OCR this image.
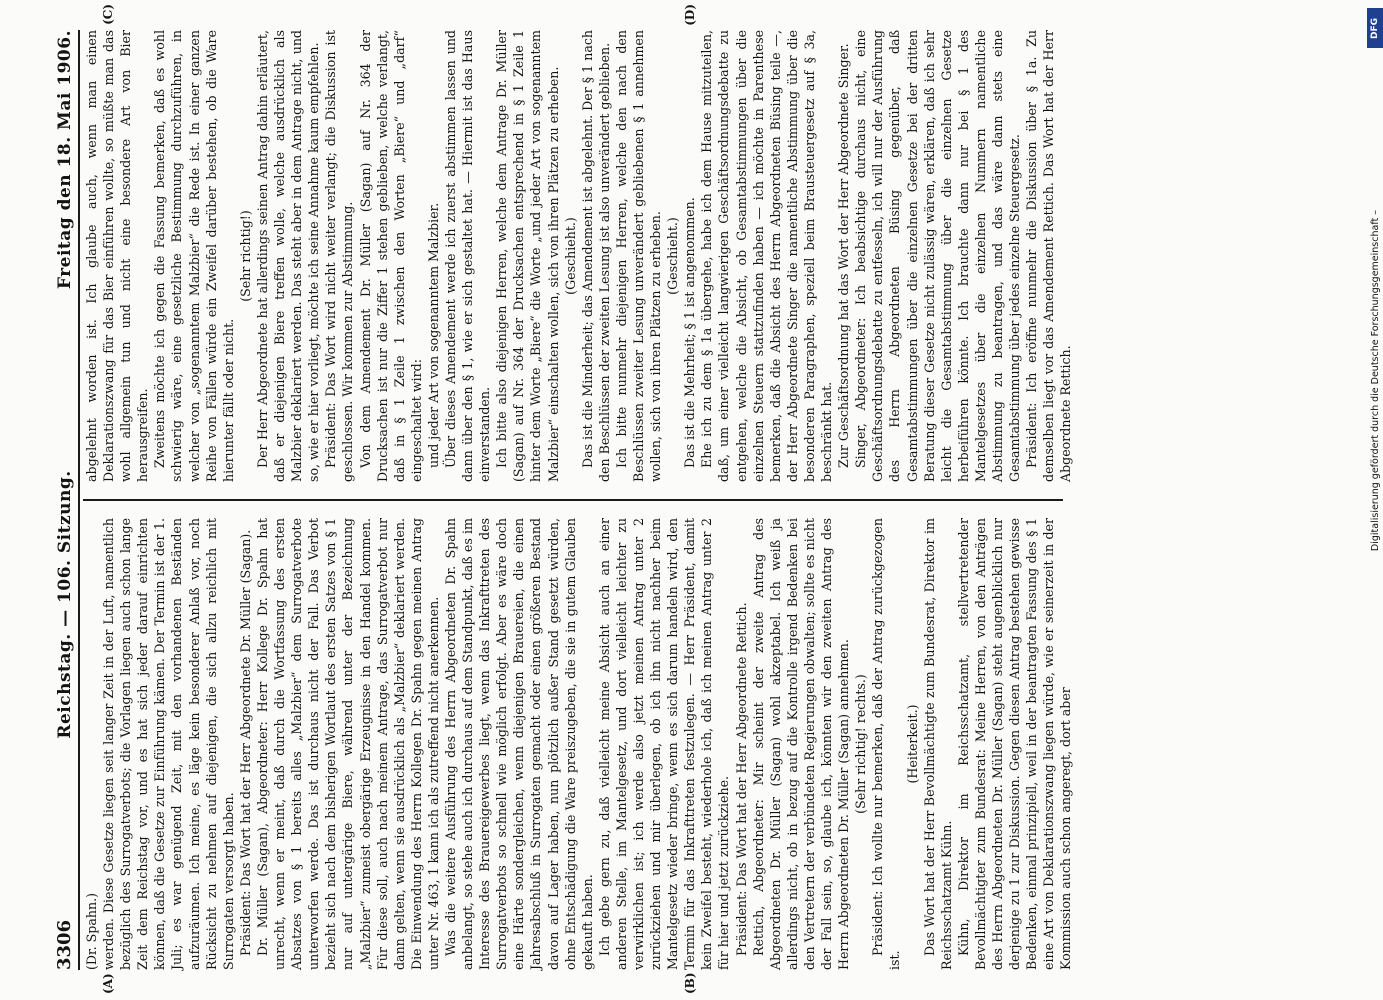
3306
Reichstag. — 106. Sitzung.
Freitag den 18. Mai 1906.

(Dr. Spahn.) werden. Diese Gesetze liegen seit langer Zeit in der Luft, namentlich bezüglich des Surrogatverbots; die Vorlagen liegen auch schon lange Zeit dem Reichstag vor, und es hat sich jeder darauf einrichten können, daß die Gesetze zur Einführung kämen. Der Termin ist der 1. Juli; es war genügend Zeit, mit den vorhandenen Beständen aufzuräumen. Ich meine, es läge kein besonderer Anlaß vor, noch Rücksicht zu nehmen auf diejenigen, die sich allzu reichlich mit Surrogaten versorgt haben. Präsident: Das Wort hat der Herr Abgeordnete Dr. Müller (Sagan). Dr. Müller (Sagan), Abgeordneter: Herr Kollege Dr. Spahn hat unrecht, wenn er meint, daß durch die Wortfassung des ersten Absatzes von § 1 bereits alles „Malzbier“ dem Surrogatverbote unterworfen werde. Das ist durchaus nicht der Fall. Das Verbot bezieht sich nach dem bisherigen Wortlaut des ersten Satzes von § 1 nur auf untergärige Biere, während unter der Bezeichnung „Malzbier“ zumeist obergärige Erzeugnisse in den Handel kommen. Für diese soll, auch nach meinem Antrage, das Surrogatverbot nur dann gelten, wenn sie ausdrücklich als „Malzbier“ deklariert werden. Die Einwendung des Herrn Kollegen Dr. Spahn gegen meinen Antrag unter Nr. 463, 1 kann ich als zutreffend nicht anerkennen. Was die weitere Ausführung des Herrn Abgeordneten Dr. Spahn anbelangt, so stehe auch ich durchaus auf dem Standpunkt, daß es im Interesse des Brauereigewerbes liegt, wenn das Inkrafttreten des Surrogatverbots so schnell wie möglich erfolgt. Aber es wäre doch eine Härte sondergleichen, wenn diejenigen Brauereien, die einen Jahresabschluß in Surrogaten gemacht oder einen größeren Bestand davon auf Lager haben, nun plötzlich außer Stand gesetzt würden, ohne Entschädigung die Ware preiszugeben, die sie in gutem Glauben gekauft haben. Ich gebe gern zu, daß vielleicht meine Absicht auch an einer anderen Stelle, im Mantelgesetz, und dort vielleicht leichter zu verwirklichen ist; ich werde also jetzt meinen Antrag unter 2 zurückziehen und mir überlegen, ob ich ihn nicht nachher beim Mantelgesetz wieder bringe, wenn es sich darum handeln wird, den Termin für das Inkrafttreten festzulegen. — Herr Präsident, damit kein Zweifel besteht, wiederhole ich, daß ich meinen Antrag unter 2 für hier und jetzt zurückziehe. Präsident: Das Wort hat der Herr Abgeordnete Rettich. Rettich, Abgeordneter: Mir scheint der zweite Antrag des Abgeordneten Dr. Müller (Sagan) wohl akzeptabel. Ich weiß ja allerdings nicht, ob in bezug auf die Kontrolle irgend Bedenken bei den Vertretern der verbündeten Regierungen obwalten; sollte es nicht der Fall sein, so, glaube ich, könnten wir den zweiten Antrag des Herrn Abgeordneten Dr. Müller (Sagan) annehmen. (Sehr richtig! rechts.) Präsident: Ich wollte nur bemerken, daß der Antrag zurückgezogen ist.

(Heiterkeit.) Das Wort hat der Herr Bevollmächtigte zum Bundesrat, Direktor im Reichsschatzamt Kühn. Kühn, Direktor im Reichsschatzamt, stellvertretender Bevollmächtigter zum Bundesrat: Meine Herren, von den Anträgen des Herrn Abgeordneten Dr. Müller (Sagan) steht augenblicklich nur derjenige zu 1 zur Diskussion. Gegen diesen Antrag bestehen gewisse Bedenken, einmal prinzipiell, weil in der beantragten Fassung des § 1 eine Art von Deklarationszwang liegen würde, wie er seinerzeit in der Kommission auch schon angeregt, dort aber

abgelehnt worden ist. Ich glaube auch, wenn man einen Deklarationszwang für das Bier einführen wollte, so müßte man das wohl allgemein tun und nicht eine besondere Art von Bier herausgreifen. Zweitens möchte ich gegen die Fassung bemerken, daß es wohl schwierig wäre, eine gesetzliche Bestimmung durchzuführen, in welcher von „sogenanntem Malzbier“ die Rede ist. In einer ganzen Reihe von Fällen würde ein Zweifel darüber bestehen, ob die Ware hierunter fällt oder nicht.

(Sehr richtig!) Der Herr Abgeordnete hat allerdings seinen Antrag dahin erläutert, daß er diejenigen Biere treffen wolle, welche ausdrücklich als Malzbier deklariert werden. Das steht aber in dem Antrage nicht, und so, wie er hier vorliegt, möchte ich seine Annahme kaum empfehlen. Präsident: Das Wort wird nicht weiter verlangt; die Diskussion ist geschlossen. Wir kommen zur Abstimmung. Von dem Amendement Dr. Müller (Sagan) auf Nr. 364 der Drucksachen ist nur die Ziffer 1 stehen geblieben, welche verlangt, daß in § 1 Zeile 1 zwischen den Worten „Biere“ und „darf“ eingeschaltet wird: und jeder Art von sogenanntem Malzbier. Über dieses Amendement werde ich zuerst abstimmen lassen und dann über den § 1, wie er sich gestaltet hat. — Hiermit ist das Haus einverstanden. Ich bitte also diejenigen Herren, welche dem Antrage Dr. Müller (Sagan) auf Nr. 364 der Drucksachen entsprechend in § 1 Zeile 1 hinter dem Worte „Biere“ die Worte „und jeder Art von sogenanntem Malzbier“ einschalten wollen, sich von ihren Plätzen zu erheben. (Geschieht.) Das ist die Minderheit; das Amendement ist abgelehnt. Der § 1 nach den Beschlüssen der zweiten Lesung ist also unverändert geblieben. Ich bitte nunmehr diejenigen Herren, welche den nach den Beschlüssen zweiter Lesung unverändert gebliebenen § 1 annehmen wollen, sich von ihren Plätzen zu erheben. (Geschieht.) Das ist die Mehrheit; § 1 ist angenommen. Ehe ich zu dem § 1a übergehe, habe ich dem Hause mitzuteilen, daß, um einer vielleicht langwierigen Geschäftsordnungsdebatte zu entgehen, welche die Absicht, ob Gesamtabstimmungen über die einzelnen Steuern stattzufinden haben — ich möchte in Parenthese bemerken, daß die Absicht des Herrn Abgeordneten Büsing teile —, der Herr Abgeordnete Singer die namentliche Abstimmung über die besonderen Paragraphen, speziell beim Brausteuergesetz auf § 3a, beschränkt hat. Zur Geschäftsordnung hat das Wort der Herr Abgeordnete Singer. Singer, Abgeordneter: Ich beabsichtige durchaus nicht, eine Geschäftsordnungsdebatte zu entfesseln, ich will nur der Ausführung des Herrn Abgeordneten Büsing gegenüber, daß Gesamtabstimmungen über die einzelnen Gesetze bei der dritten Beratung dieser Gesetze nicht zulässig wären, erklären, daß ich sehr leicht die Gesamtabstimmung über die einzelnen Gesetze herbeiführen könnte. Ich brauchte dann nur bei § 1 des Mantelgesetzes über die einzelnen Nummern namentliche Abstimmung zu beantragen, und das wäre dann stets eine Gesamtabstimmung über jedes einzelne Steuergesetz. Präsident: Ich eröffne nunmehr die Diskussion über § 1a. Zu demselben liegt vor das Amendement Rettich. Das Wort hat der Herr Abgeordnete Rettich.

(A)	(B)
(C)	(D)
DFG
Digitalisierung gefördert durch die Deutsche Forschungsgemeinschaft –
